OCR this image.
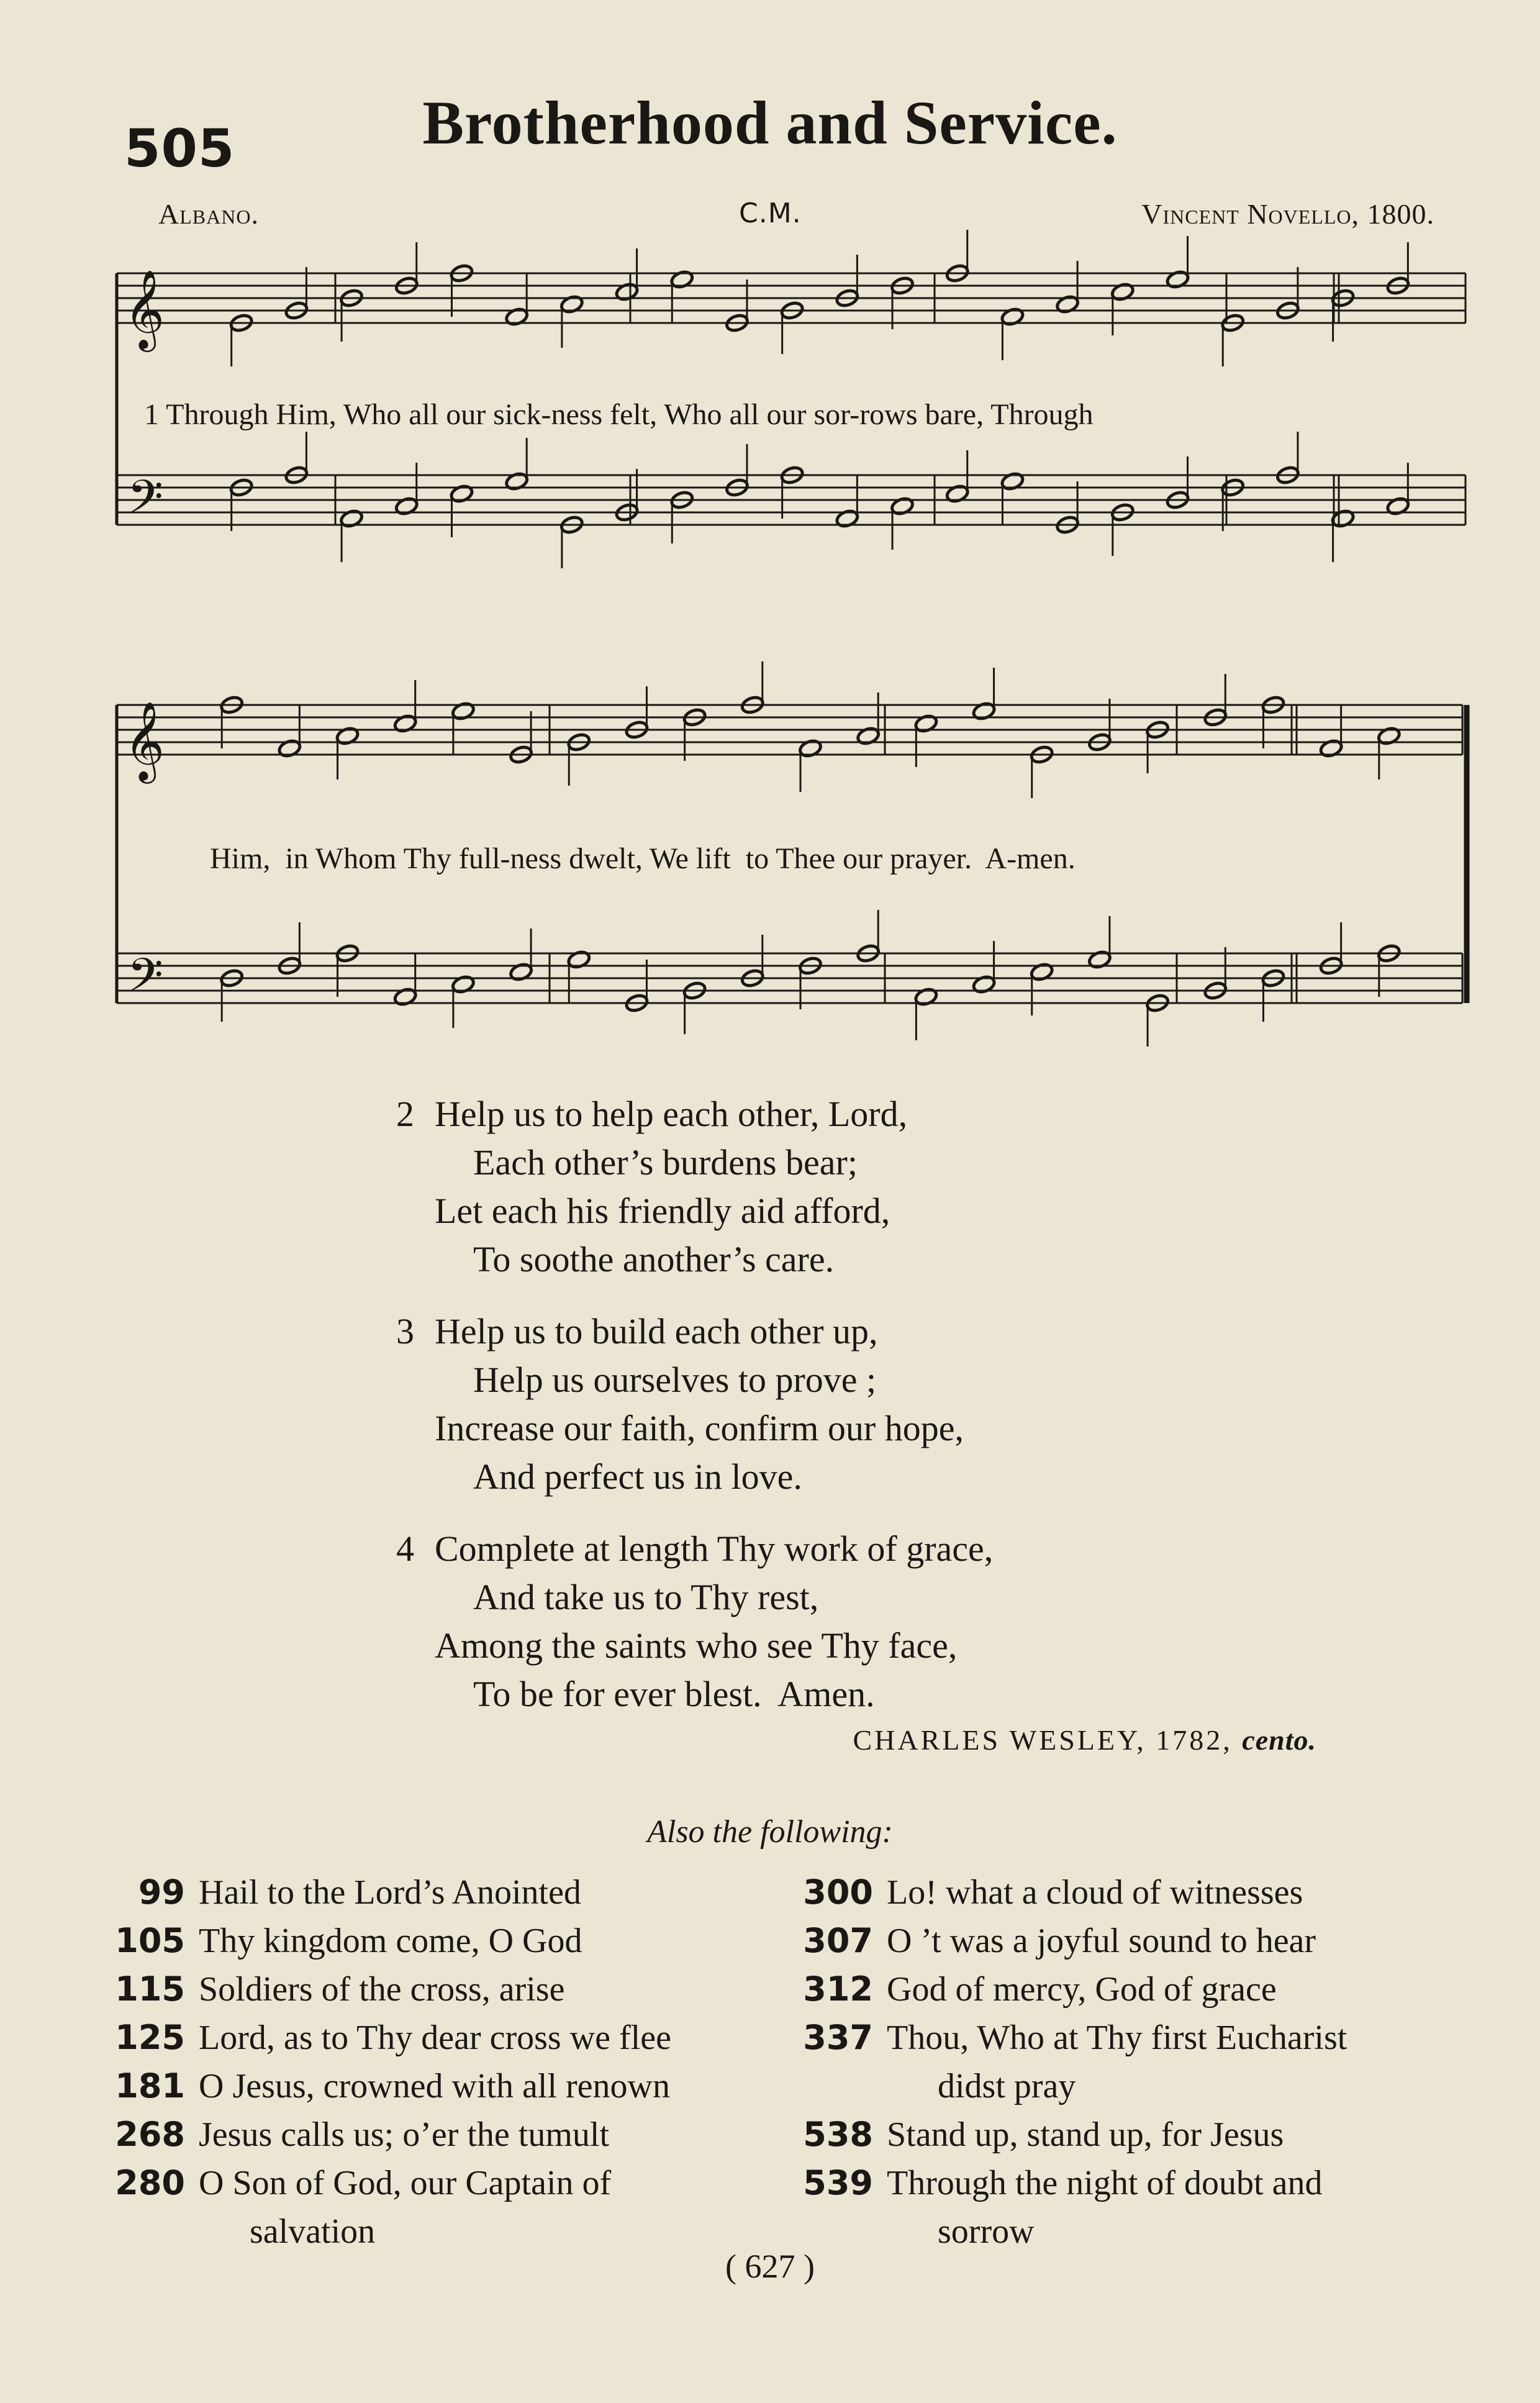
505	Brotherhood and Service.
Albano.	C.M.	Vincent Novello, 1800.
𝄞
𝄢
𝄞
𝄢
1 Through Him, Who all our sick-ness felt, Who all our sor-rows bare, Through
Him,  in Whom Thy full-ness dwelt, We lift  to Thee our prayer.  A-men.
2 Help us to help each other, Lord,
Each other’s burdens bear;
Let each his friendly aid afford,
To soothe another’s care.
3 Help us to build each other up,
Help us ourselves to prove ;
Increase our faith, confirm our hope,
And perfect us in love.
4 Complete at length Thy work of grace,
And take us to Thy rest,
Among the saints who see Thy face,
To be for ever blest.  Amen.
CHARLES WESLEY, 1782, cento.
Also the following:
99 Hail to the Lord’s Anointed
105 Thy kingdom come, O God
115 Soldiers of the cross, arise
125 Lord, as to Thy dear cross we flee
181 O Jesus, crowned with all renown
268 Jesus calls us; o’er the tumult
280 O Son of God, our Captain of
salvation
300 Lo! what a cloud of witnesses
307 O ’t was a joyful sound to hear
312 God of mercy, God of grace
337 Thou, Who at Thy first Eucharist
didst pray
538 Stand up, stand up, for Jesus
539 Through the night of doubt and
sorrow
( 627 )
